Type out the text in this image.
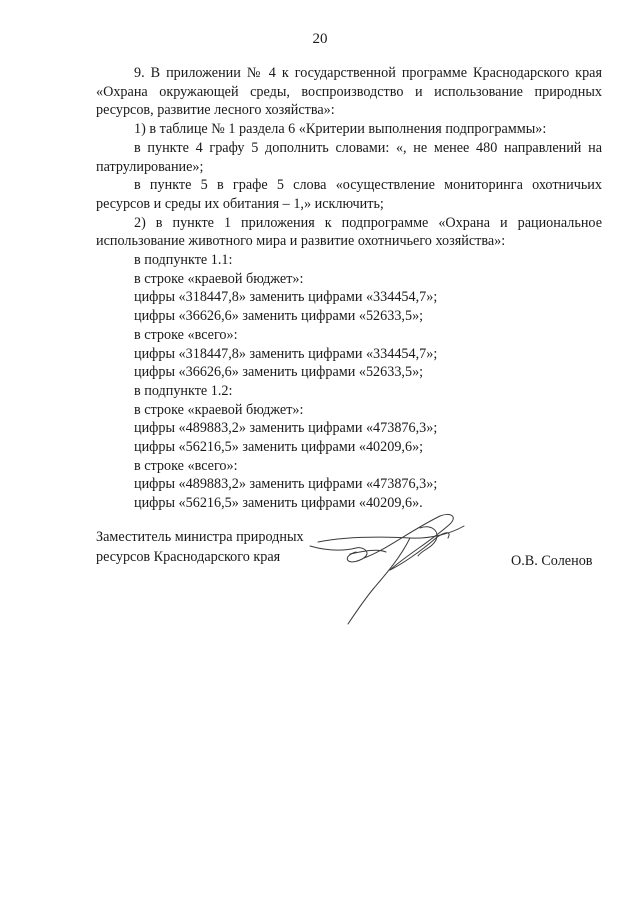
20

9. В приложении № 4 к государственной программе Краснодарского края «Охрана окружающей среды, воспроизводство и использование природных ресурсов, развитие лесного хозяйства»:

1) в таблице № 1 раздела 6 «Критерии выполнения подпрограммы»:

в пункте 4 графу 5 дополнить словами: «, не менее 480 направлений на патрулирование»;

в пункте 5 в графе 5 слова «осуществление мониторинга охотничьих ресурсов и среды их обитания – 1,» исключить;

2) в пункте 1 приложения к подпрограмме «Охрана и рациональное использование животного мира и развитие охотничьего хозяйства»:

в подпункте 1.1:

в строке «краевой бюджет»:

цифры «318447,8» заменить цифрами «334454,7»;

цифры «36626,6» заменить цифрами «52633,5»;

в строке «всего»:

цифры «318447,8» заменить цифрами «334454,7»;

цифры «36626,6» заменить цифрами «52633,5»;

в подпункте 1.2:

в строке «краевой бюджет»:

цифры «489883,2» заменить цифрами «473876,3»;

цифры «56216,5» заменить цифрами «40209,6»;

в строке «всего»:

цифры «489883,2» заменить цифрами «473876,3»;

цифры «56216,5» заменить цифрами «40209,6».

Заместитель министра природных
ресурсов Краснодарского края	О.В. Соленов
